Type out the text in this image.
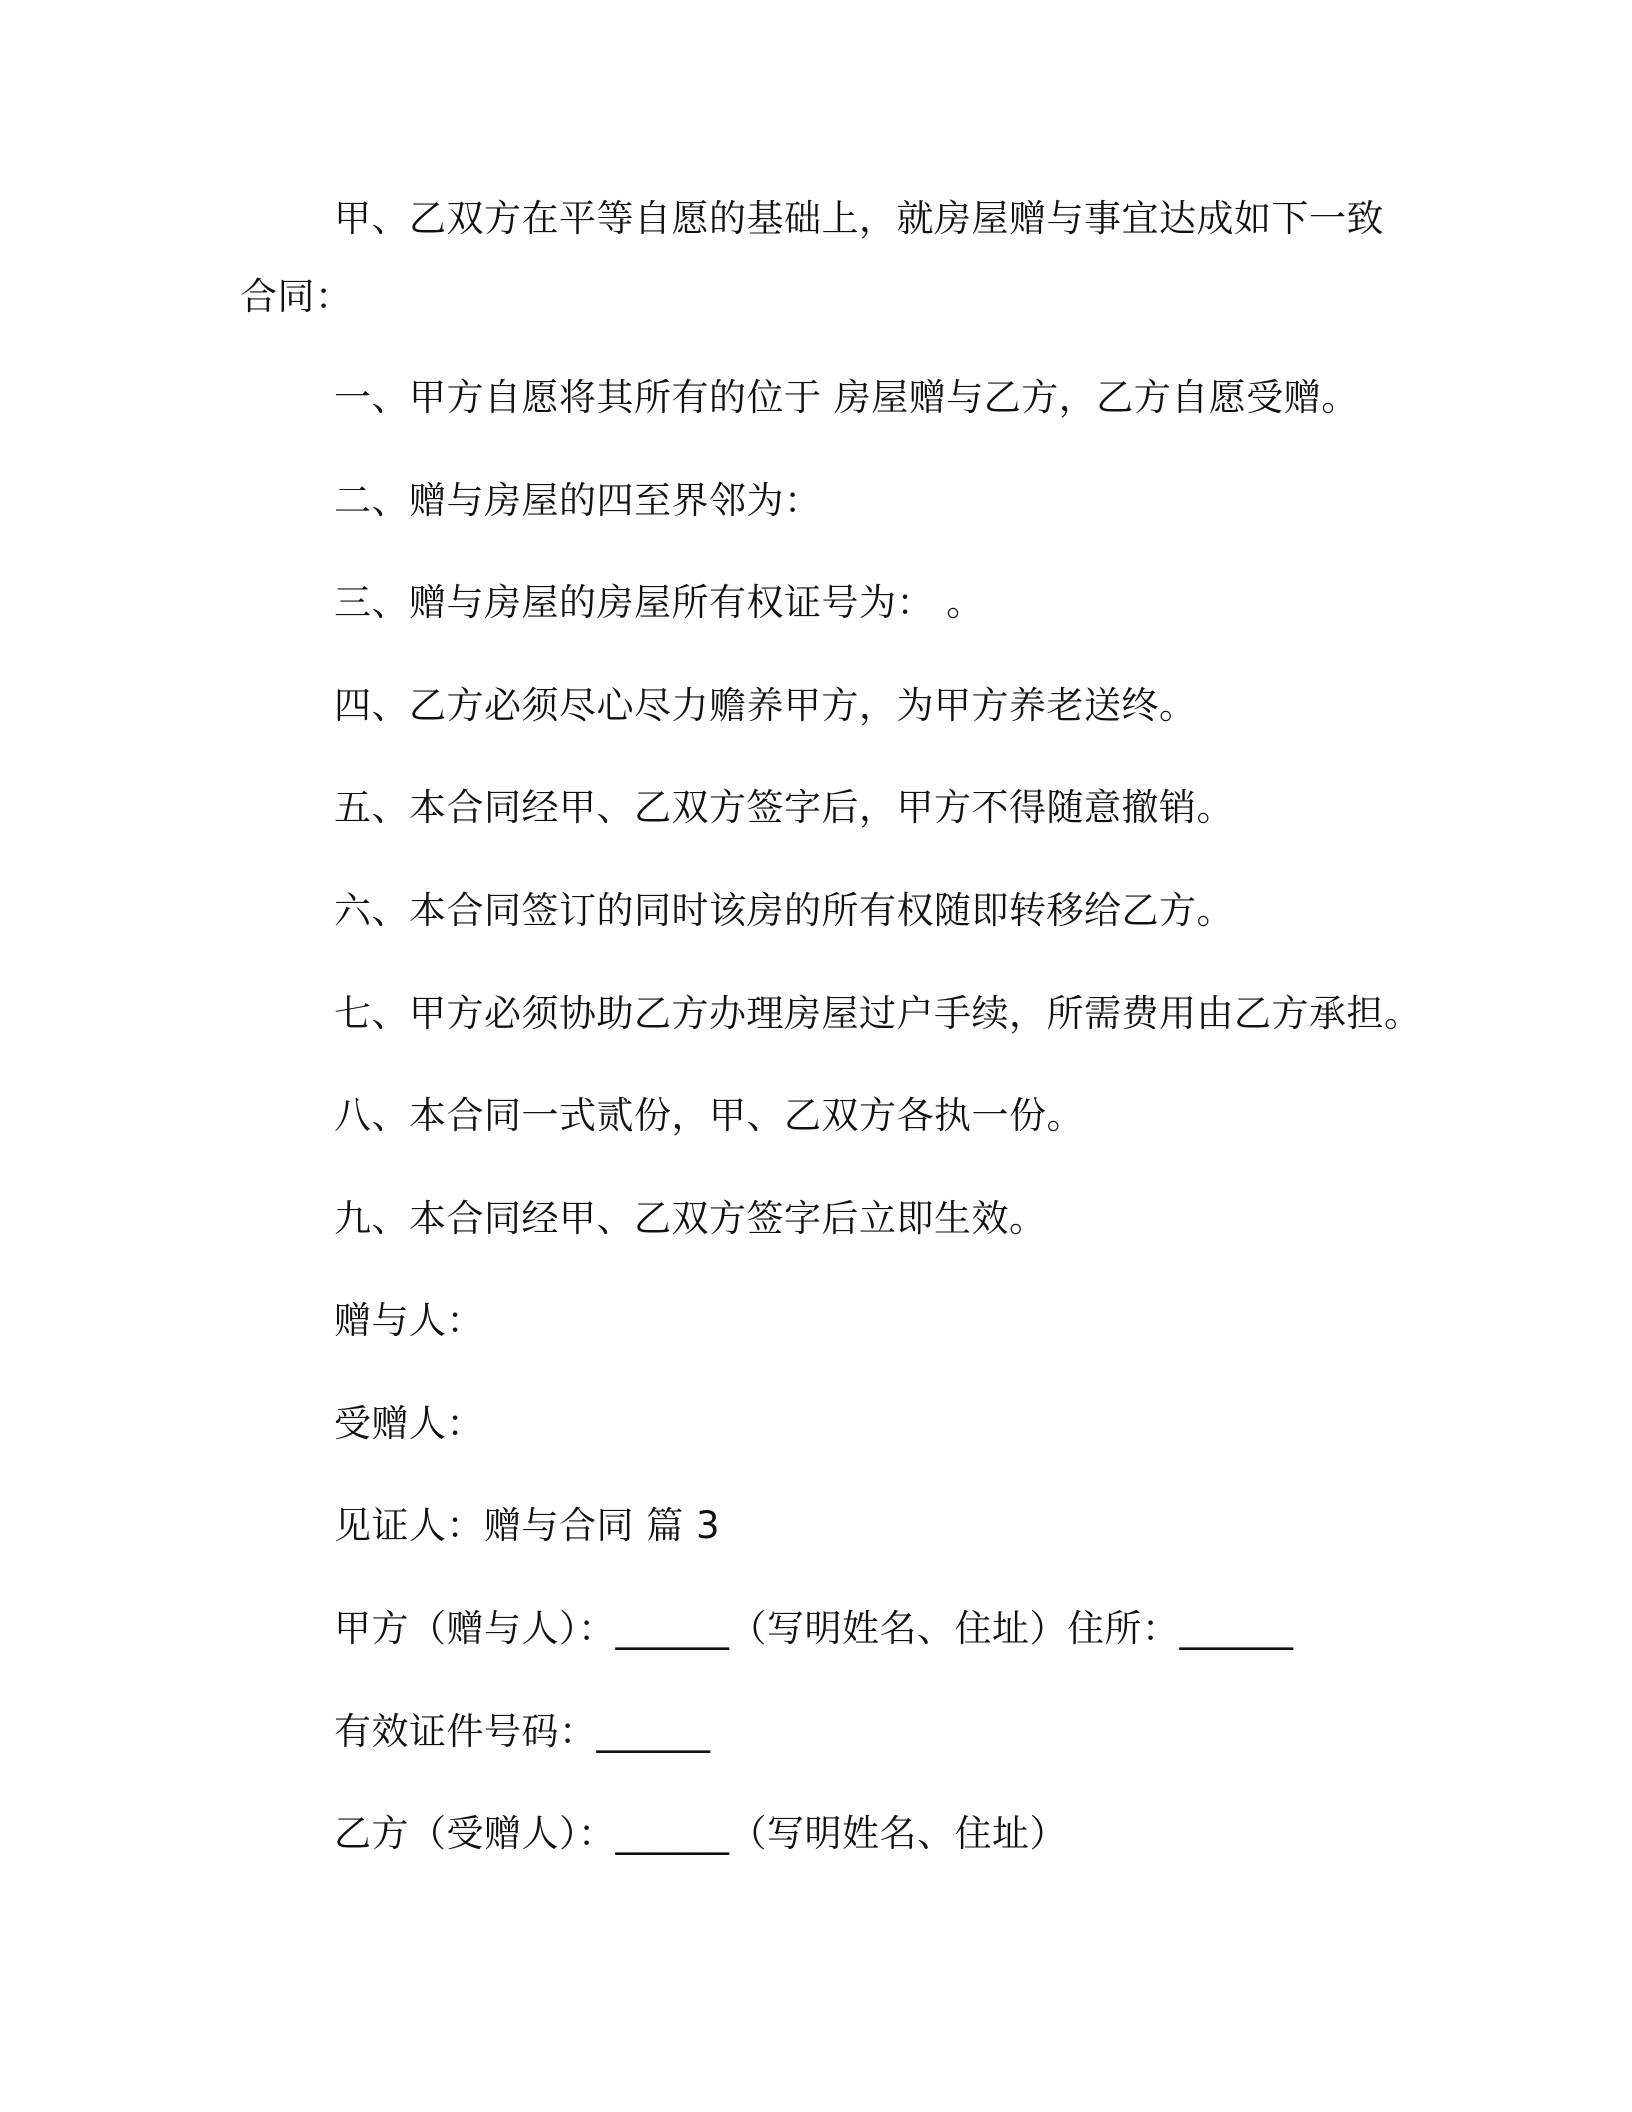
甲、乙双方在平等自愿的基础上，就房屋赠与事宜达成如下一致合同：

一、甲方自愿将其所有的位于 房屋赠与乙方，乙方自愿受赠。

二、赠与房屋的四至界邻为：

三、赠与房屋的房屋所有权证号为： 。

四、乙方必须尽心尽力赡养甲方，为甲方养老送终。

五、本合同经甲、乙双方签字后，甲方不得随意撤销。

六、本合同签订的同时该房的所有权随即转移给乙方。

七、甲方必须协助乙方办理房屋过户手续，所需费用由乙方承担。

八、本合同一式贰份，甲、乙双方各执一份。

九、本合同经甲、乙双方签字后立即生效。

赠与人：

受赠人：

见证人：赠与合同 篇 3

甲方（赠与人）：______（写明姓名、住址）住所：______

有效证件号码：______

乙方（受赠人）：______（写明姓名、住址）
